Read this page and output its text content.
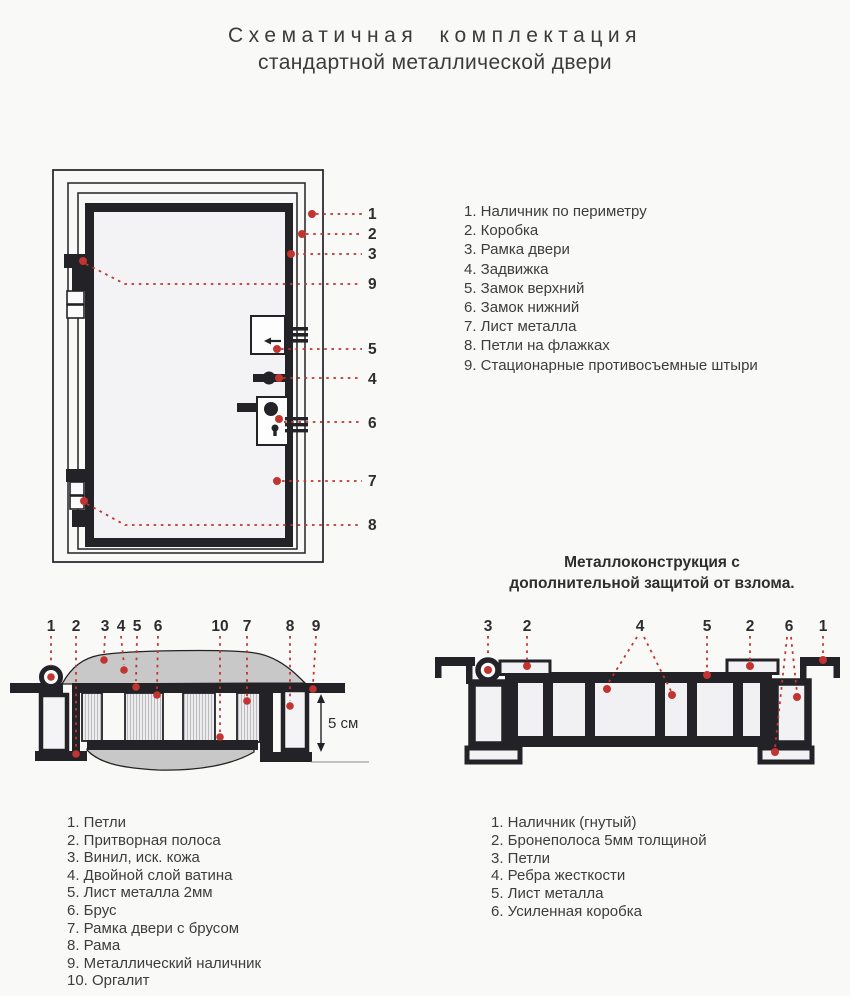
Схематичная комплектация
стандартной металлической двери
1
2
3
9
5
4
6
7
8
1. Наличник по периметру
2. Коробка
3. Рамка двери
4. Задвижка
5. Замок верхний
6. Замок нижний
7. Лист металла
8. Петли на флажках
9. Стационарные противосъемные штыри
Металлоконструкция с
дополнительной защитой от взлома.
5 см
1 2 3 4 5 6	10 7 8 9	3 2	4	5 2 6 1
1. Петли
2. Притворная полоса
3. Винил, иск. кожа
4. Двойной слой ватина
5. Лист металла 2мм
6. Брус
7. Рамка двери с брусом
8. Рама
9. Металлический наличник
10. Оргалит
1. Наличник (гнутый)
2. Бронеполоса 5мм толщиной
3. Петли
4. Ребра жесткости
5. Лист металла
6. Усиленная коробка
